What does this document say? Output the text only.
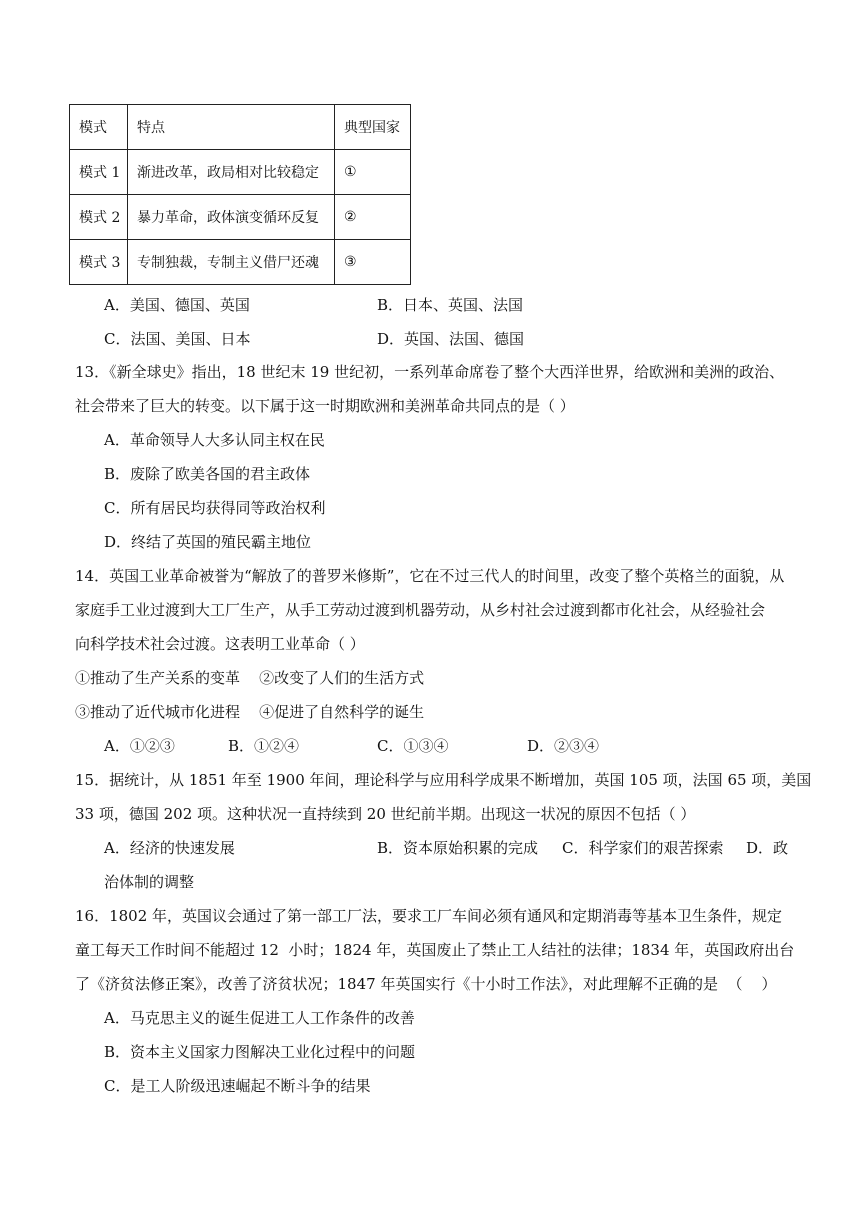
模式	特点	典型国家
模式 1	渐进改革，政局相对比较稳定	①
模式 2	暴力革命，政体演变循环反复	②
模式 3	专制独裁，专制主义借尸还魂	③
A．美国、德国、英国	B．日本、英国、法国
C．法国、美国、日本	D．英国、法国、德国
13．《新全球史》指出，18 世纪末 19 世纪初，一系列革命席卷了整个大西洋世界，给欧洲和美洲的政治、
社会带来了巨大的转变。以下属于这一时期欧洲和美洲革命共同点的是（ ）
A．革命领导人大多认同主权在民
B．废除了欧美各国的君主政体
C．所有居民均获得同等政治权利
D．终结了英国的殖民霸主地位
14．英国工业革命被誉为“解放了的普罗米修斯”，它在不过三代人的时间里，改变了整个英格兰的面貌，从
家庭手工业过渡到大工厂生产，从手工劳动过渡到机器劳动，从乡村社会过渡到都市化社会，从经验社会
向科学技术社会过渡。这表明工业革命（ ）
①推动了生产关系的变革    ②改变了人们的生活方式
③推动了近代城市化进程    ④促进了自然科学的诞生
A．①②③	B．①②④	C．①③④	D．②③④
15．据统计，从 1851 年至 1900 年间，理论科学与应用科学成果不断增加，英国 105 项，法国 65 项，美国
33 项，德国 202 项。这种状况一直持续到 20 世纪前半期。出现这一状况的原因不包括（ ）
A．经济的快速发展	B．资本原始积累的完成 C．科学家们的艰苦探索 D．政
治体制的调整
16．1802 年，英国议会通过了第一部工厂法，要求工厂车间必须有通风和定期消毒等基本卫生条件，规定
童工每天工作时间不能超过 12  小时；1824 年，英国废止了禁止工人结社的法律；1834 年，英国政府出台
了《济贫法修正案》，改善了济贫状况；1847 年英国实行《十小时工作法》，对此理解不正确的是  （    ）
A．马克思主义的诞生促进工人工作条件的改善
B．资本主义国家力图解决工业化过程中的问题
C．是工人阶级迅速崛起不断斗争的结果
